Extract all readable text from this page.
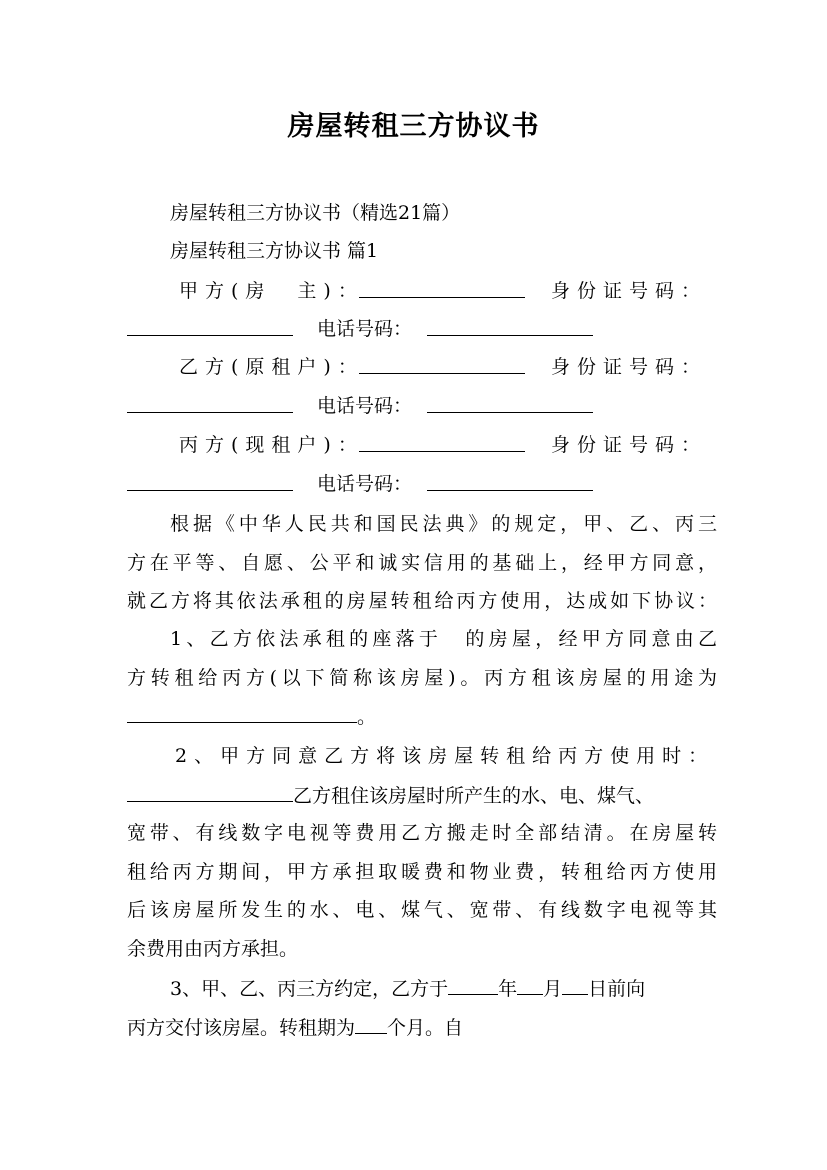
房屋转租三方协议书
房屋转租三方协议书（精选21篇）
房屋转租三方协议书 篇1
甲方(房　主)：	身份证号码：
电话号码：
乙方(原租户)：	身份证号码：
电话号码：
丙方(现租户)：	身份证号码：
电话号码：
根据《中华人民共和国民法典》的规定，甲、乙、丙三
方在平等、自愿、公平和诚实信用的基础上，经甲方同意，
就乙方将其依法承租的房屋转租给丙方使用，达成如下协议：
1、乙方依法承租的座落于　的房屋，经甲方同意由乙
方转租给丙方(以下简称该房屋)。丙方租该房屋的用途为
。
2、甲方同意乙方将该房屋转租给丙方使用时：
乙方租住该房屋时所产生的水、电、煤气、
宽带、有线数字电视等费用乙方搬走时全部结清。在房屋转
租给丙方期间，甲方承担取暖费和物业费，转租给丙方使用
后该房屋所发生的水、电、煤气、宽带、有线数字电视等其
余费用由丙方承担。
3、甲、乙、丙三方约定，乙方于	年 月 日前向
丙方交付该房屋。转租期为 个月。自
